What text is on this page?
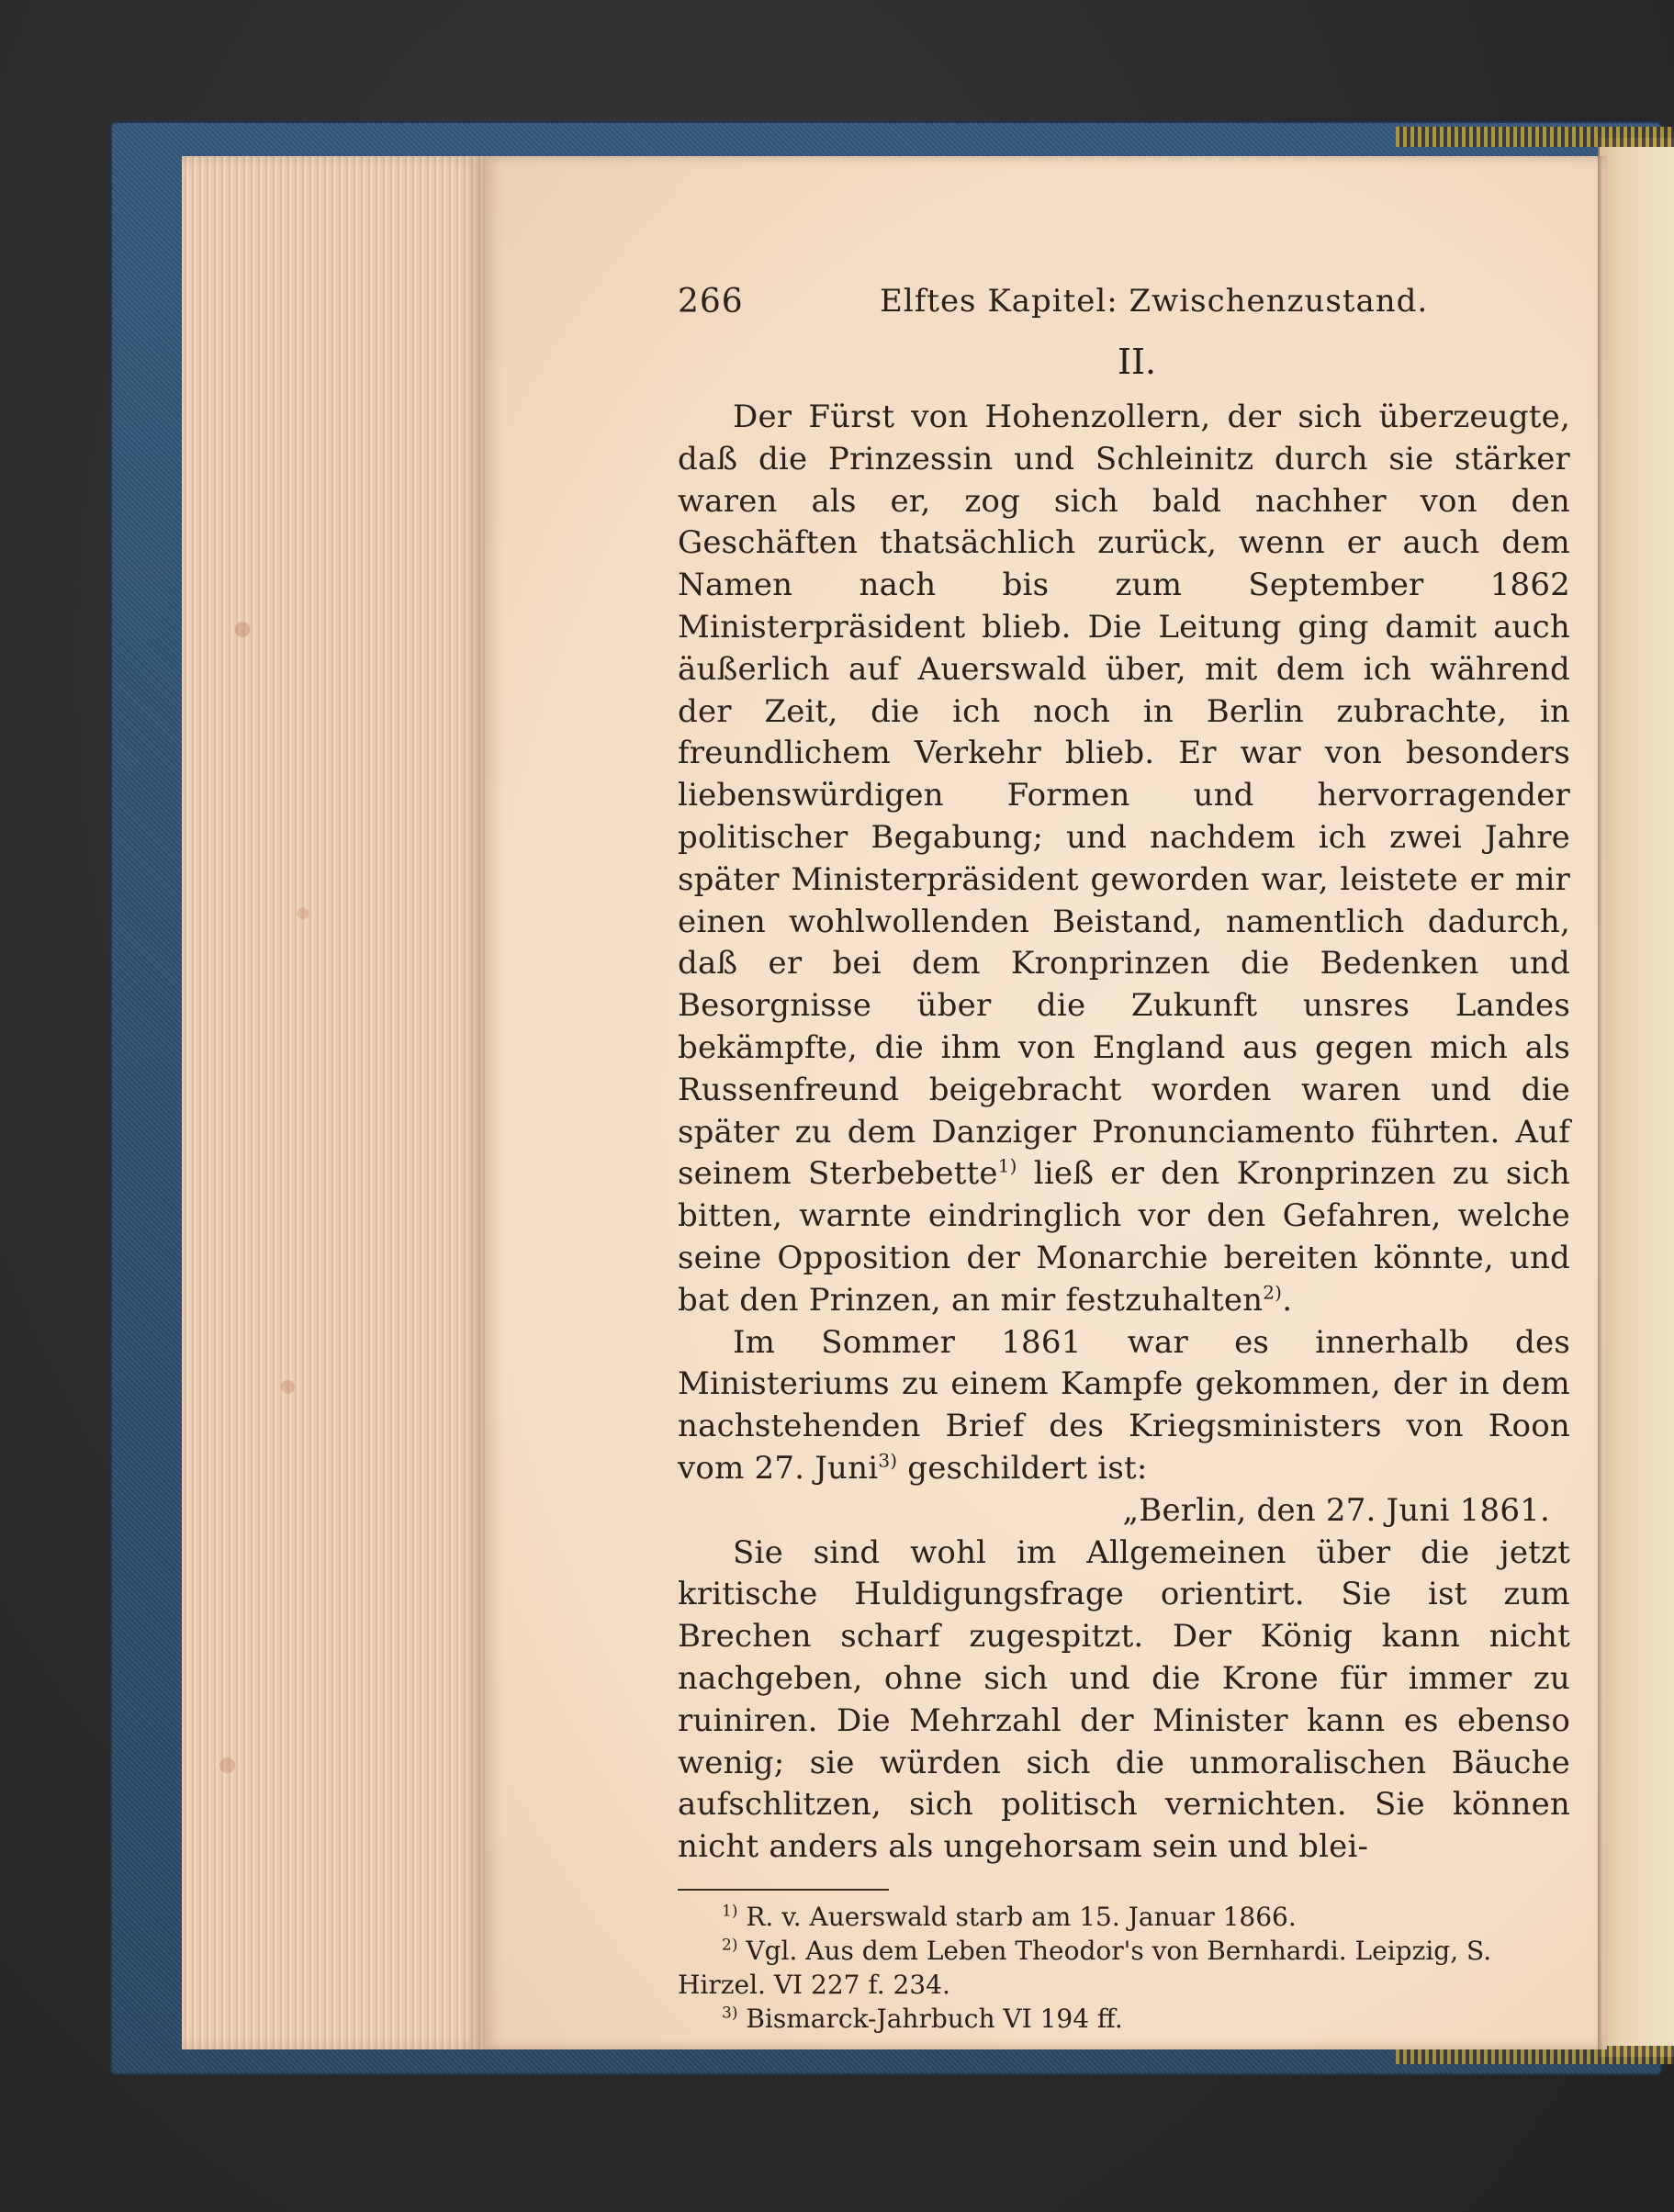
266	Elftes Kapitel: Zwischenzustand.
II.

Der Fürst von Hohenzollern, der sich überzeugte, daß die Prinzessin und Schleinitz durch sie stärker waren als er, zog sich bald nachher von den Geschäften thatsächlich zurück, wenn er auch dem Namen nach bis zum September 1862 Ministerpräsident blieb. Die Leitung ging damit auch äußerlich auf Auerswald über, mit dem ich während der Zeit, die ich noch in Berlin zubrachte, in freundlichem Verkehr blieb. Er war von besonders liebenswürdigen Formen und hervorragender politischer Begabung; und nachdem ich zwei Jahre später Ministerpräsident geworden war, leistete er mir einen wohlwollenden Beistand, namentlich dadurch, daß er bei dem Kronprinzen die Bedenken und Besorgnisse über die Zukunft unsres Landes bekämpfte, die ihm von England aus gegen mich als Russenfreund beigebracht worden waren und die später zu dem Danziger Pronunciamento führten. Auf seinem Sterbebette$^{1)}$ ließ er den Kronprinzen zu sich bitten, warnte eindringlich vor den Gefahren, welche seine Opposition der Monarchie bereiten könnte, und bat den Prinzen, an mir festzuhalten$^{2)}$.

Im Sommer 1861 war es innerhalb des Ministeriums zu einem Kampfe gekommen, der in dem nachstehenden Brief des Kriegsministers von Roon vom 27. Juni$^{3)}$ geschildert ist:

„Berlin, den 27. Juni 1861.

Sie sind wohl im Allgemeinen über die jetzt kritische Huldigungsfrage orientirt. Sie ist zum Brechen scharf zugespitzt. Der König kann nicht nachgeben, ohne sich und die Krone für immer zu ruiniren. Die Mehrzahl der Minister kann es ebenso wenig; sie würden sich die unmoralischen Bäuche aufschlitzen, sich politisch vernichten. Sie können nicht anders als ungehorsam sein und blei-

$^{1)}$ R. v. Auerswald starb am 15. Januar 1866.

$^{2)}$ Vgl. Aus dem Leben Theodor's von Bernhardi. Leipzig, S. Hirzel. VI 227 f. 234.

$^{3)}$ Bismarck-Jahrbuch VI 194 ff.
